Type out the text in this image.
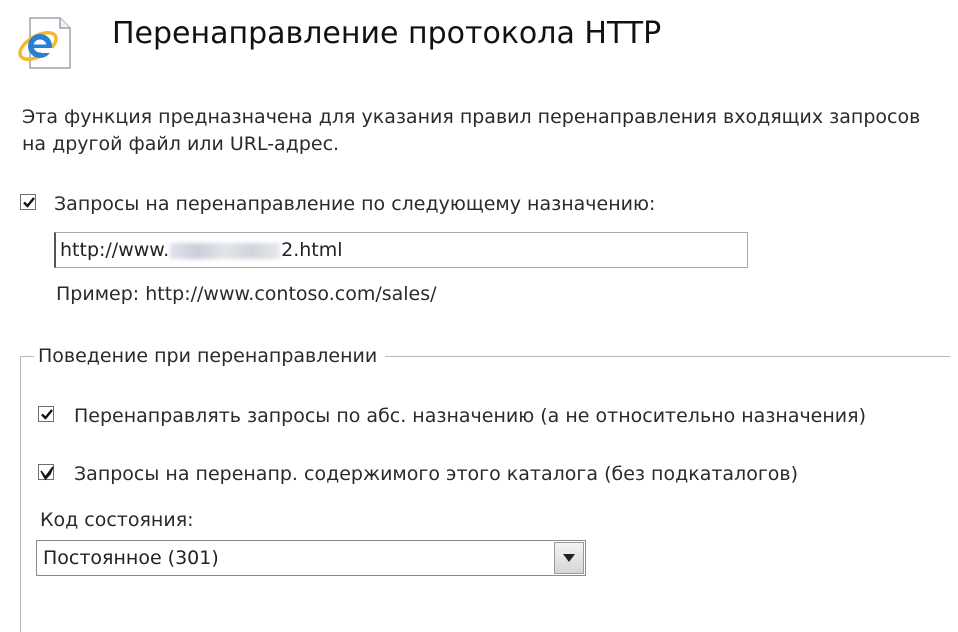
Перенаправление протокола HTTP
Эта функция предназначена для указания правил перенаправления входящих запросов
на другой файл или URL-адрес.
Запросы на перенаправление по следующему назначению:
http://www.	2.html
Пример: http://www.contoso.com/sales/
Поведение при перенаправлении
Перенаправлять запросы по абс. назначению (а не относительно назначения)
Запросы на перенапр. содержимого этого каталога (без подкаталогов)
Код состояния:
Постоянное (301)
